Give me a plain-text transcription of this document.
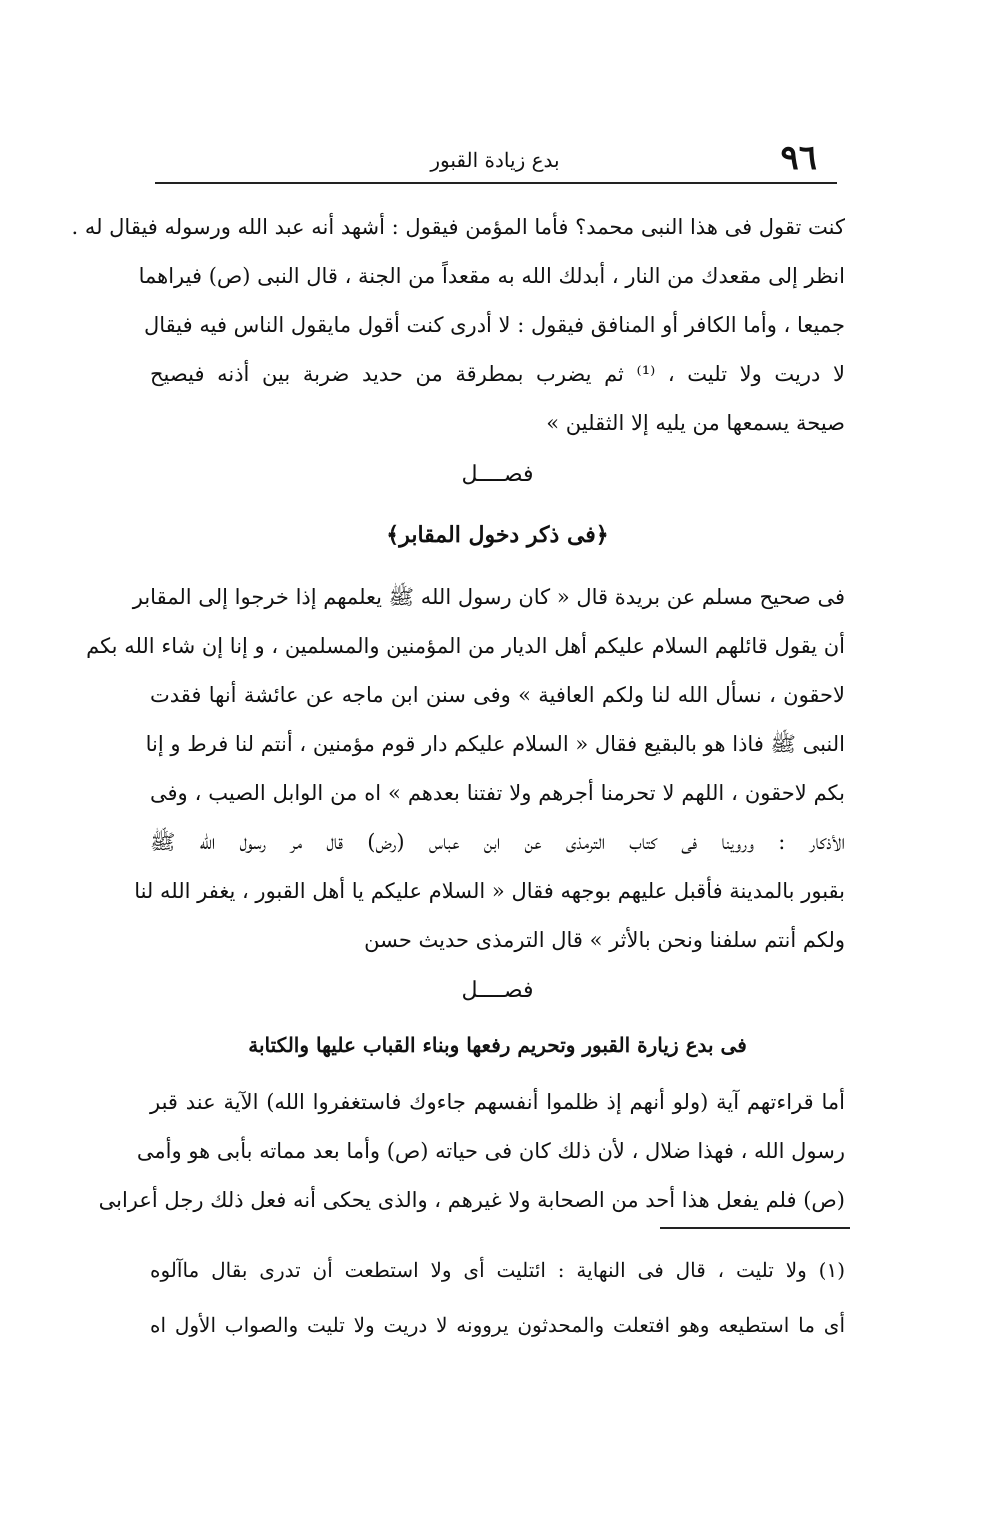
٩٦
بدع زيادة القبور
كنت تقول فى هذا النبى محمد؟ فأما المؤمن فيقول : أشهد أنه عبد الله ورسوله فيقال له .
انظر إلى مقعدك من النار ، أبدلك الله به مقعداً من الجنة ، قال النبى (ص) فيراهما
جميعا ، وأما الكافر أو المنافق فيقول : لا أدرى كنت أقول مايقول الناس فيه فيقال
لا دريت ولا تليت ، ⁽¹⁾ ثم يضرب بمطرقة من حديد ضربة بين أذنه فيصيح
صيحة يسمعها من يليه إلا الثقلين »
فصــــل
﴿فى ذكر دخول المقابر﴾
فى صحيح مسلم عن بريدة قال « كان رسول الله ﷺ يعلمهم إذا خرجوا إلى المقابر
أن يقول قائلهم السلام عليكم أهل الديار من المؤمنين والمسلمين ، و إنا إن شاء الله بكم
لاحقون ، نسأل الله لنا ولكم العافية » وفى سنن ابن ماجه عن عائشة أنها فقدت
النبى ﷺ فاذا هو بالبقيع فقال « السلام عليكم دار قوم مؤمنين ، أنتم لنا فرط و إنا
بكم لاحقون ، اللهم لا تحرمنا أجرهم ولا تفتنا بعدهم » اه من الوابل الصيب ، وفى
الأذكار : وروينا فى كتاب الترمذى عن ابن عباس (رض) قال مر رسول الله ﷺ
بقبور بالمدينة فأقبل عليهم بوجهه فقال « السلام عليكم يا أهل القبور ، يغفر الله لنا
ولكم أنتم سلفنا ونحن بالأثر » قال الترمذى حديث حسن
فصــــل
فى بدع زيارة القبور وتحريم رفعها وبناء القباب عليها والكتابة
أما قراءتهم آية (ولو أنهم إذ ظلموا أنفسهم جاءوك فاستغفروا الله) الآية عند قبر
رسول الله ، فهذا ضلال ، لأن ذلك كان فى حياته (ص) وأما بعد مماته بأبى هو وأمى
(ص) فلم يفعل هذا أحد من الصحابة ولا غيرهم ، والذى يحكى أنه فعل ذلك رجل أعرابى
(١) ولا تليت ، قال فى النهاية : ائتليت أى ولا استطعت أن تدرى بقال ماآلوه
أى ما استطيعه وهو افتعلت والمحدثون يروونه لا دريت ولا تليت والصواب الأول اه
